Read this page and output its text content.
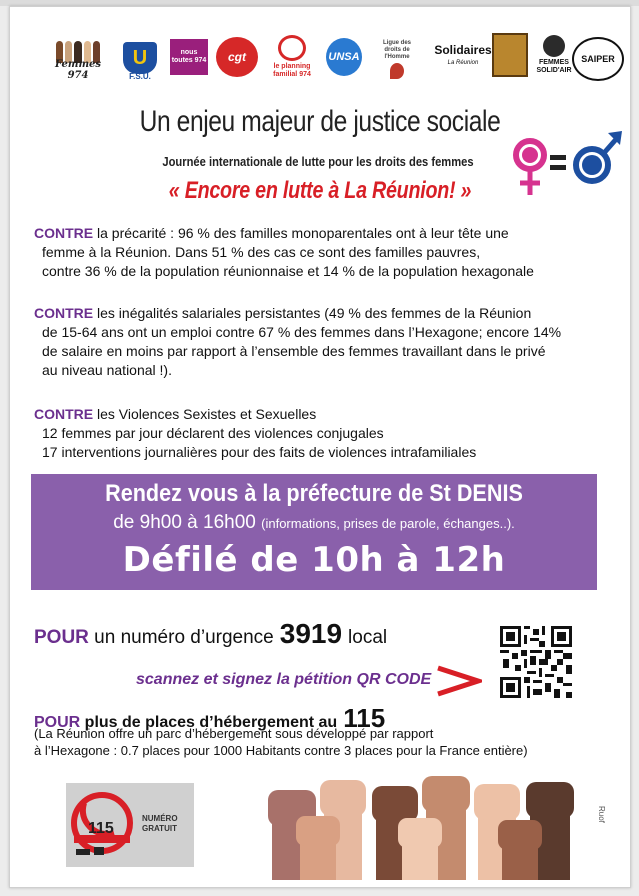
Femmes 974
U
F.S.U.
nous toutes 974	cgt
le planning familial 974
UNSA
Ligue des droits de l'Homme	Solidaires
La Réunion	FEMMES SOLID'AIR
SAIPER
Un enjeu majeur de justice sociale
Journée internationale de lutte pour les droits des femmes
« Encore en lutte à La Réunion! »
CONTRE la précarité : 96 % des familles monoparentales ont à leur tête une
femme à la Réunion. Dans 51 % des cas ce sont des familles pauvres,
contre 36 % de la population réunionnaise et 14 % de la population hexagonale
CONTRE les inégalités salariales persistantes (49 % des femmes de la Réunion
de 15-64 ans ont un emploi contre 67 % des femmes dans l’Hexagone; encore 14%
de salaire en moins par rapport à l’ensemble des femmes travaillant dans le privé
au niveau national !).
CONTRE les Violences Sexistes et Sexuelles
12 femmes par jour déclarent des violences conjugales
17 interventions journalières pour des faits de violences intrafamiliales
Rendez vous à la préfecture de St DENIS
de 9h00 à 16h00 (informations, prises de parole, échanges..).
Défilé de 10h à 12h
POUR un numéro d’urgence 3919 local
scannez et signez la pétition QR CODE
POUR plus de places d’hébergement au 115
(La Réunion offre un parc d’hébergement sous développé par rapport
à l’Hexagone : 0.7 places pour 1000 Habitants contre 3 places pour la France entière)
115
NUMÉRO
GRATUIT
Ruof
